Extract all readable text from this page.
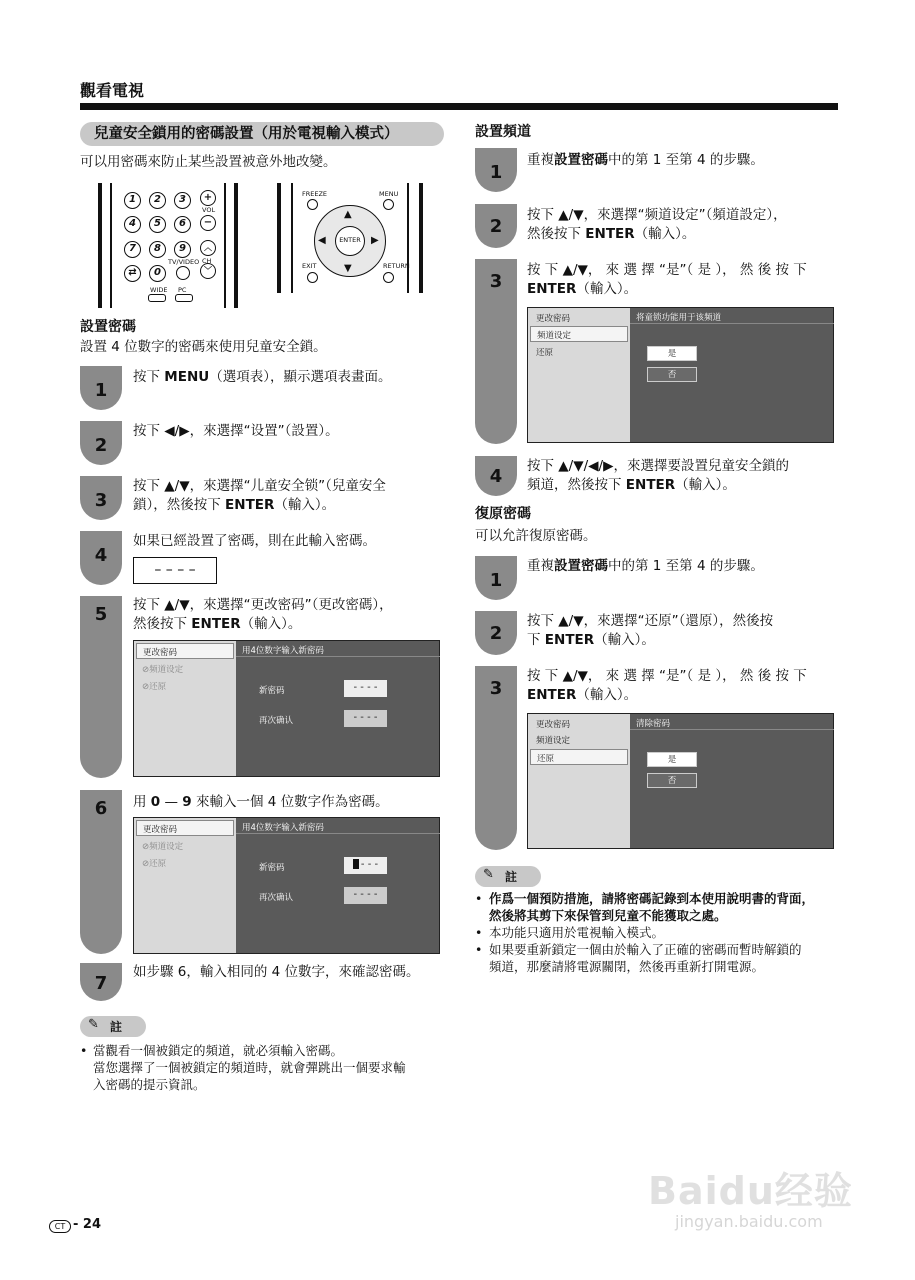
觀看電視
兒童安全鎖用的密碼設置（用於電視輸入模式）
可以用密碼來防止某些設置被意外地改變。
1	2	3
4	5	6
7	8	9
⇄	0
+
−
VOL
︿
﹀
CH
TV/VIDEO
WIDE PC
FREEZE	MENU
▲
▼
◀	▶
ENTER
EXIT	RETURN
設置密碼
設置 4 位數字的密碼來使用兒童安全鎖。
1
按下 MENU（選項表），顯示選項表畫面。
2
按下 ◀/▶，來選擇“设置”（設置）。
3
按下 ▲/▼，來選擇“儿童安全锁”（兒童安全
鎖），然後按下 ENTER（輸入）。
4
如果已經設置了密碼，則在此輸入密碼。
– – – –
5	按下 ▲/▼，來選擇“更改密码”（更改密碼），
然後按下 ENTER（輸入）。
更改密码
⊘频道设定
⊘还原
用4位数字输入新密码
新密码	- - - -
再次确认	- - - -
6	用 0 — 9 來輸入一個 4 位數字作為密碼。
更改密码
⊘频道设定
⊘还原
用4位数字输入新密码
新密码	- - -
再次确认	- - - -
7
如步驟 6，輸入相同的 4 位數字，來確認密碼。
✎ 註
• 當觀看一個被鎖定的頻道，就必須輸入密碼。
當您選擇了一個被鎖定的頻道時，就會彈跳出一個要求輸
入密碼的提示資訊。
設置頻道
1
重複設置密碼中的第 1 至第 4 的步驟。
2
按下 ▲/▼，來選擇“频道设定”（頻道設定），
然後按下 ENTER（輸入）。
3
按 下 ▲/▼， 來 選 擇 “是”（ 是 ）， 然 後 按 下
ENTER（輸入）。
更改密码
频道设定
还原
将童锁功能用于该频道
是
否
4	按下 ▲/▼/◀/▶，來選擇要設置兒童安全鎖的
頻道，然後按下 ENTER（輸入）。
復原密碼
可以允許復原密碼。
1
重複設置密碼中的第 1 至第 4 的步驟。
2
按下 ▲/▼，來選擇“还原”（還原），然後按
下 ENTER（輸入）。
3
按 下 ▲/▼， 來 選 擇 “是”（ 是 ）， 然 後 按 下
ENTER（輸入）。
更改密码
频道设定
还原
清除密码
是
否
✎ 註
• 作爲一個預防措施，請將密碼記錄到本使用說明書的背面，
然後將其剪下來保管到兒童不能獲取之處。
• 本功能只適用於電視輸入模式。
• 如果要重新鎖定一個由於輸入了正確的密碼而暫時解鎖的
頻道，那麼請將電源關閉，然後再重新打開電源。
CT - 24
Baidu经验
jingyan.baidu.com
